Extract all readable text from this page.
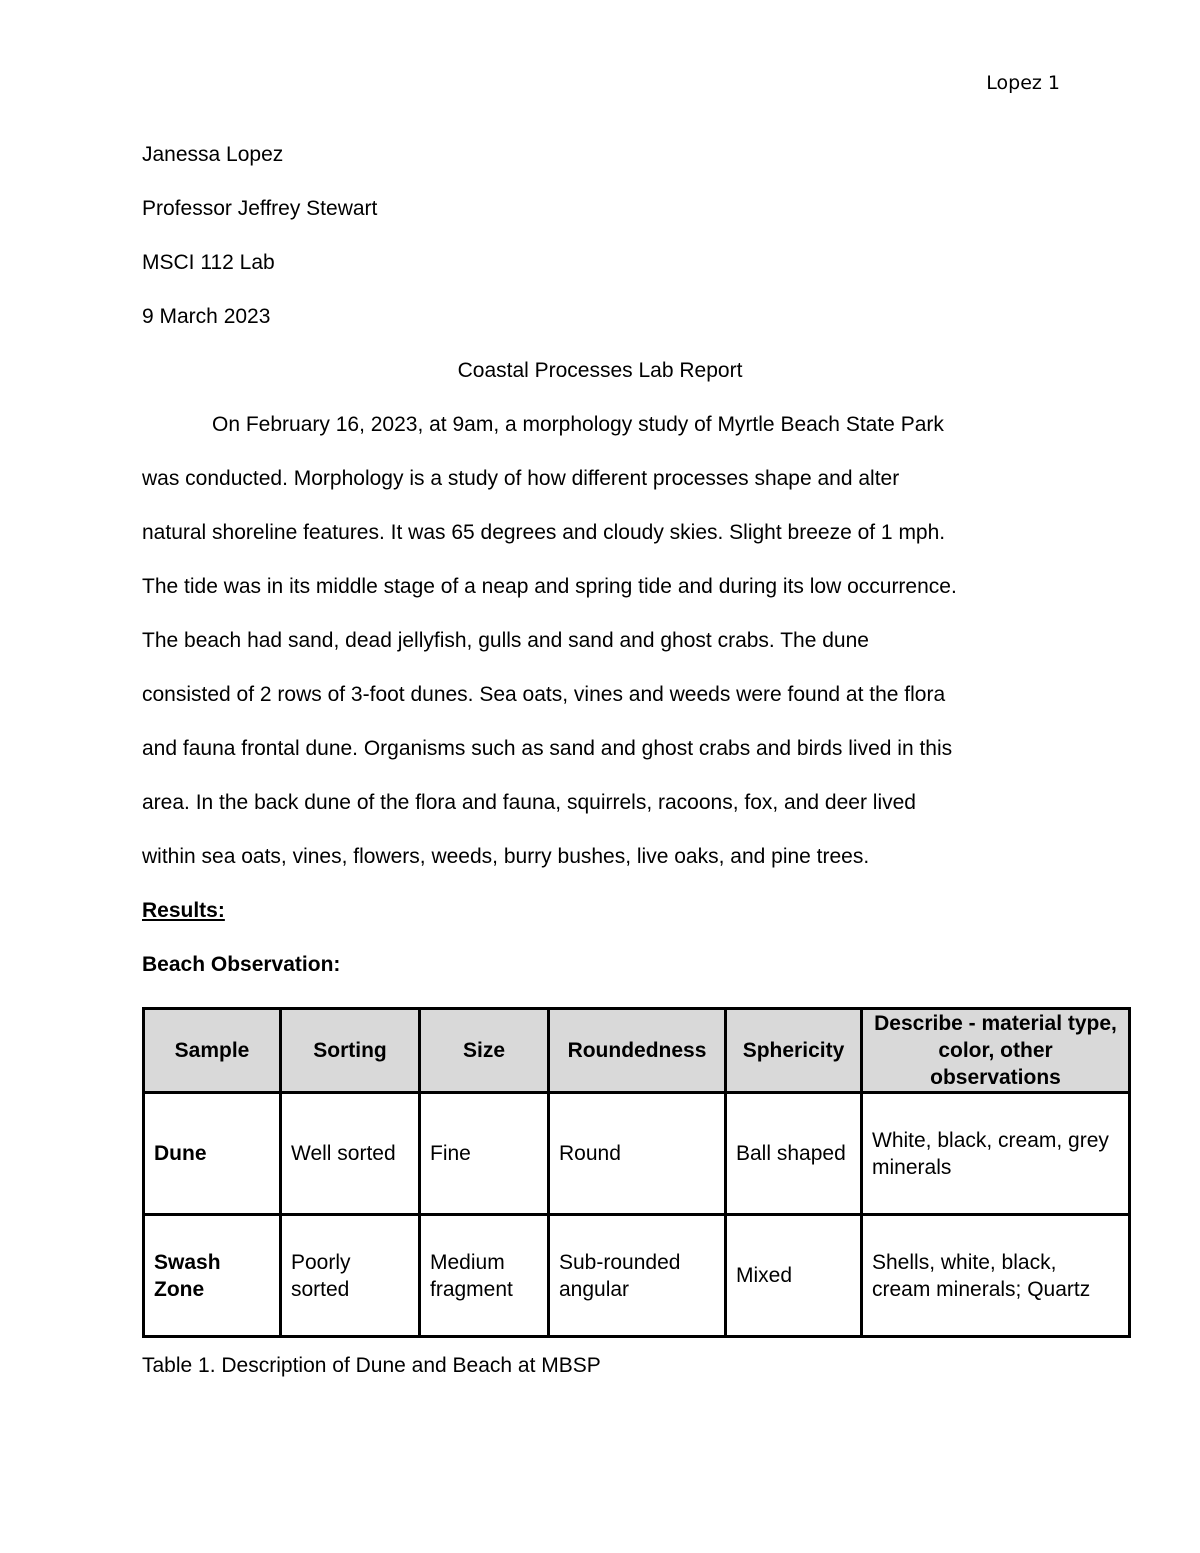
Lopez 1
Janessa Lopez
Professor Jeffrey Stewart
MSCI 112 Lab
9 March 2023
Coastal Processes Lab Report
On February 16, 2023, at 9am, a morphology study of Myrtle Beach State Park
was conducted. Morphology is a study of how different processes shape and alter
natural shoreline features. It was 65 degrees and cloudy skies. Slight breeze of 1 mph.
The tide was in its middle stage of a neap and spring tide and during its low occurrence.
The beach had sand, dead jellyfish, gulls and sand and ghost crabs. The dune
consisted of 2 rows of 3-foot dunes. Sea oats, vines and weeds were found at the flora
and fauna frontal dune. Organisms such as sand and ghost crabs and birds lived in this
area. In the back dune of the flora and fauna, squirrels, racoons, fox, and deer lived
within sea oats, vines, flowers, weeds, burry bushes, live oaks, and pine trees.
Results:
Beach Observation:
Sample	Sorting	Size	Roundedness	Sphericity	Describe - material type, color, other observations
Dune	Well sorted	Fine	Round	Ball shaped	White, black, cream, grey minerals
Swash Zone	Poorly sorted	Medium fragment	Sub-rounded angular	Mixed	Shells, white, black, cream minerals; Quartz
Table 1. Description of Dune and Beach at MBSP
